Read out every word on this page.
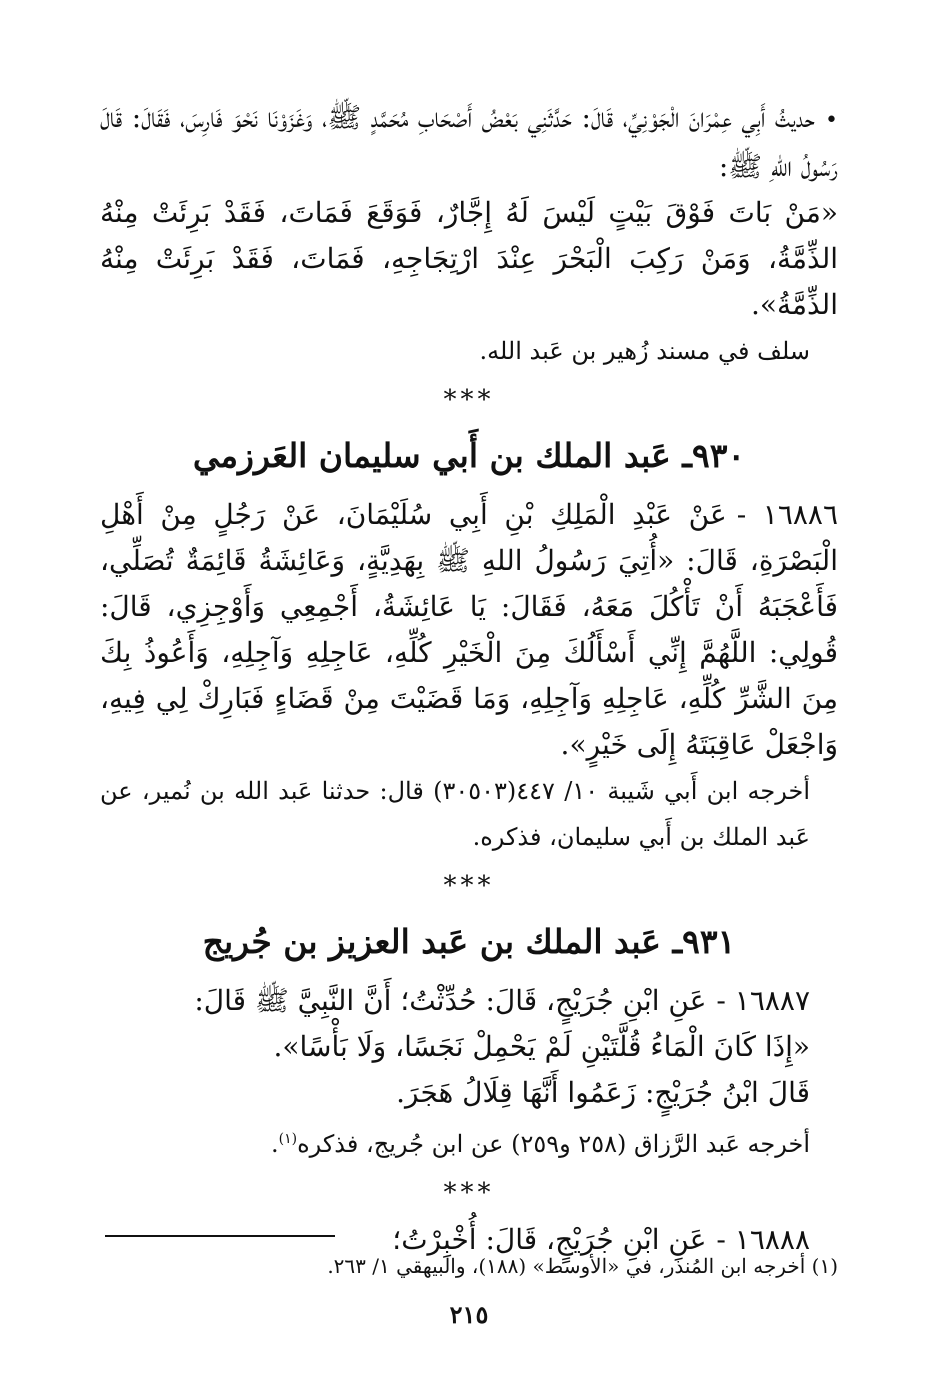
•حديثُ أَبِي عِمْرَانَ الْجَوْنِيِّ، قَالَ: حَدَّثَنِي بَعْضُ أَصْحَابِ مُحَمَّدٍ ﷺ، وَغَزَوْنَا نَحْوَ فَارِسَ، فَقَالَ: قَالَ رَسُولُ اللهِ ﷺ:

«مَنْ بَاتَ فَوْقَ بَيْتٍ لَيْسَ لَهُ إِجَّارٌ، فَوَقَعَ فَمَاتَ، فَقَدْ بَرِئَتْ مِنْهُ الذِّمَّةُ، وَمَنْ رَكِبَ الْبَحْرَ عِنْدَ ارْتِجَاجِهِ، فَمَاتَ، فَقَدْ بَرِئَتْ مِنْهُ الذِّمَّةُ».

سلف في مسند زُهير بن عَبد الله.

***
٩٣٠ـ عَبد الملك بن أَبي سليمان العَرزمي

١٦٨٨٦ -عَنْ عَبْدِ الْمَلِكِ بْنِ أَبِي سُلَيْمَانَ، عَنْ رَجُلٍ مِنْ أَهْلِ الْبَصْرَةِ، قَالَ: «أُتِيَ رَسُولُ اللهِ ﷺ بِهَدِيَّةٍ، وَعَائِشَةُ قَائِمَةٌ تُصَلِّي، فَأَعْجَبَهُ أَنْ تَأْكُلَ مَعَهُ، فَقَالَ: يَا عَائِشَةُ، أَجْمِعِي وَأَوْجِزِي، قَالَ: قُولِي: اللَّهُمَّ إِنِّي أَسْأَلُكَ مِنَ الْخَيْرِ كُلِّهِ، عَاجِلِهِ وَآجِلِهِ، وَأَعُوذُ بِكَ مِنَ الشَّرِّ كُلِّهِ، عَاجِلِهِ وَآجِلِهِ، وَمَا قَضَيْتَ مِنْ قَضَاءٍ فَبَارِكْ لِي فِيهِ، وَاجْعَلْ عَاقِبَتَهُ إِلَى خَيْرٍ».

أخرجه ابن أَبي شَيبة ١٠/ ٤٤٧(٣٠٥٠٣) قال: حدثنا عَبد الله بن نُمير، عن عَبد الملك بن أَبي سليمان، فذكره.

***
٩٣١ـ عَبد الملك بن عَبد العزيز بن جُريج

١٦٨٨٧ -عَنِ ابْنِ جُرَيْجٍ، قَالَ: حُدِّثْتُ؛ أَنَّ النَّبِيَّ ﷺ قَالَ:

«إِذَا كَانَ الْمَاءُ قُلَّتَيْنِ لَمْ يَحْمِلْ نَجَسًا، وَلَا بَأْسًا».

قَالَ ابْنُ جُرَيْجٍ: زَعَمُوا أَنَّهَا قِلَالُ هَجَرَ.

أخرجه عَبد الرَّزاق (٢٥٨ و٢٥٩) عن ابن جُريج، فذكره$^{(١)}$.

***

١٦٨٨٨ -عَنِ ابْنِ جُرَيْجٍ، قَالَ: أُخْبِرْتُ؛

(١) أخرجه ابن المُنذر، في «الأوسط» (١٨٨)، والبيهقي ١/ ٢٦٣.
٢١٥
